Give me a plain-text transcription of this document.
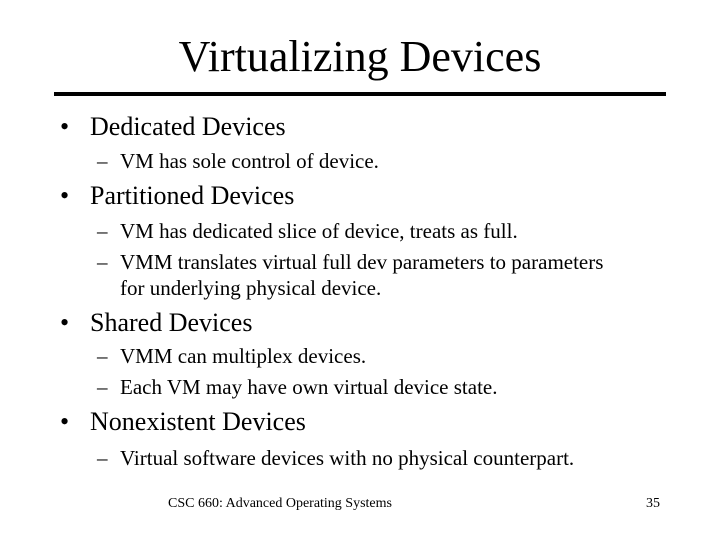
Virtualizing Devices
• Dedicated Devices
– VM has sole control of device.
• Partitioned Devices
– VM has dedicated slice of device, treats as full.
– VMM translates virtual full dev parameters to parameters
for underlying physical device.
• Shared Devices
– VMM can multiplex devices.
– Each VM may have own virtual device state.
• Nonexistent Devices
– Virtual software devices with no physical counterpart.
CSC 660: Advanced Operating Systems	35
